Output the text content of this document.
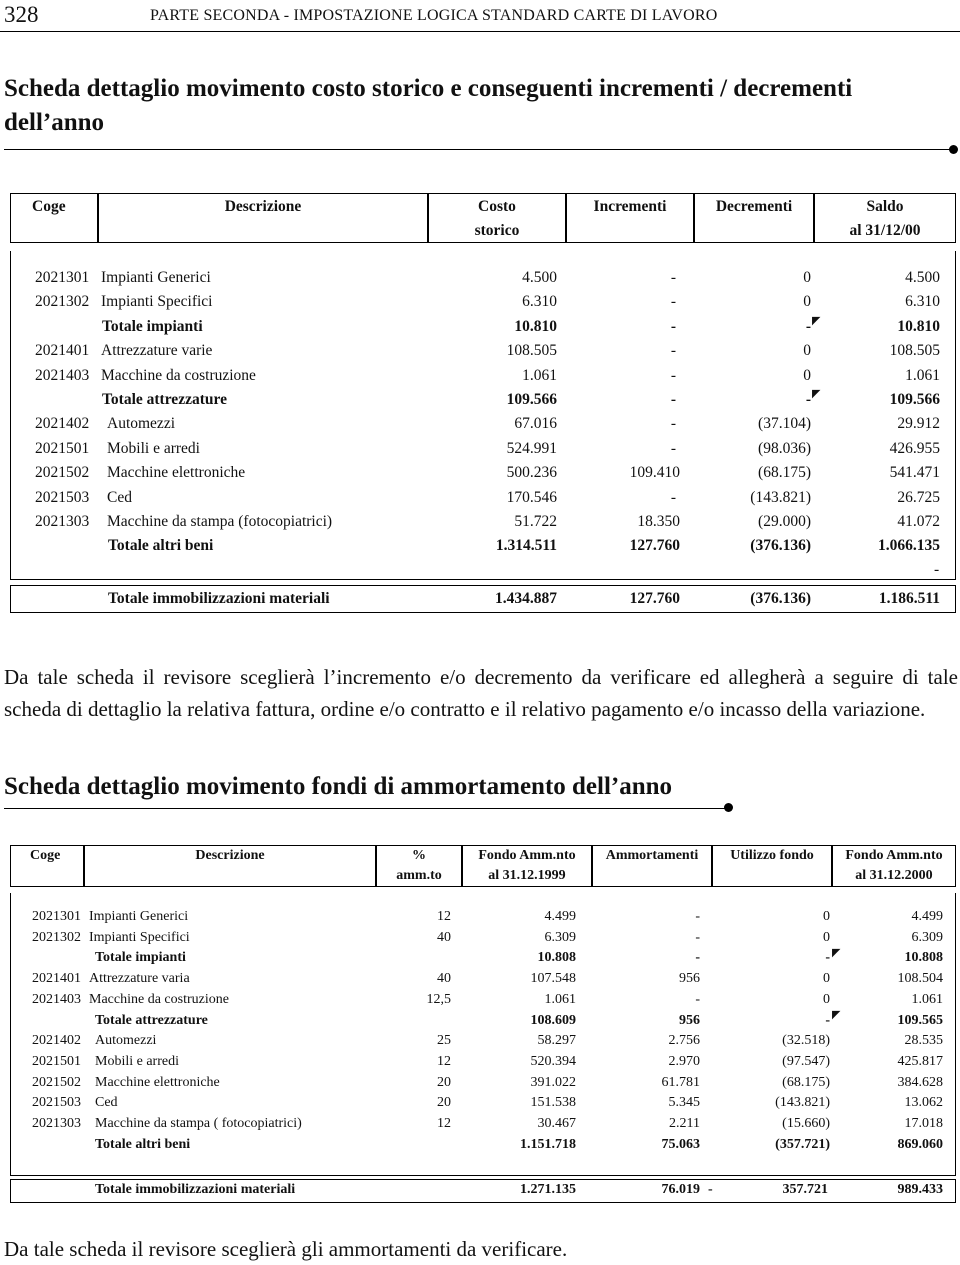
328	PARTE SECONDA - IMPOSTAZIONE LOGICA STANDARD CARTE DI LAVORO
Scheda dettaglio movimento costo storico e conseguenti incrementi / decrementi dell’anno
Coge	Descrizione	Costo
storico
Incrementi	Decrementi	Saldo
al 31/12/00
2021301 Impianti Generici	4.500	-	0	4.500
2021302 Impianti Specifici	6.310	-	0	6.310
Totale impianti	10.810	-	-	10.810
2021401 Attrezzature varie	108.505	-	0	108.505
2021403 Macchine da costruzione	1.061	-	0	1.061
Totale attrezzature	109.566	-	-	109.566
2021402 Automezzi	67.016	-	(37.104)	29.912
2021501 Mobili e arredi	524.991	-	(98.036)	426.955
2021502 Macchine elettroniche	500.236	109.410	(68.175)	541.471
2021503 Ced	170.546	-	(143.821)	26.725
2021303 Macchine da stampa (fotocopiatrici)	51.722	18.350	(29.000)	41.072
Totale altri beni	1.314.511	127.760	(376.136)	1.066.135
-
Totale immobilizzazioni materiali	1.434.887	127.760	(376.136)	1.186.511
◤
◤
Da tale scheda il revisore sceglierà l’incremento e/o decremento da verificare ed allegherà a seguire di tale scheda di dettaglio la relativa fattura, ordine e/o contratto e il relativo pagamento e/o incasso della variazione.
Scheda dettaglio movimento fondi di ammortamento dell’anno
Coge	Descrizione	%
amm.to
Fondo Amm.nto
al 31.12.1999
Ammortamenti	Utilizzo fondo	Fondo Amm.nto
al 31.12.2000
2021301 Impianti Generici	12	4.499	-	0	4.499
2021302 Impianti Specifici	40	6.309	-	0	6.309
Totale impianti	10.808	-	-	10.808
2021401 Attrezzature varia	40	107.548	956	0	108.504
2021403 Macchine da costruzione	12,5	1.061	-	0	1.061
Totale attrezzature	108.609	956	-	109.565
2021402 Automezzi	25	58.297	2.756	(32.518)	28.535
2021501 Mobili e arredi	12	520.394	2.970	(97.547)	425.817
2021502 Macchine elettroniche	20	391.022	61.781	(68.175)	384.628
2021503 Ced	20	151.538	5.345	(143.821)	13.062
2021303 Macchine da stampa ( fotocopiatrici)	12	30.467	2.211	(15.660)	17.018
Totale altri beni	1.151.718	75.063	(357.721)	869.060
Totale immobilizzazioni materiali	1.271.135	76.019 -	357.721	989.433
◤
◤
Da tale scheda il revisore sceglierà gli ammortamenti da verificare.
